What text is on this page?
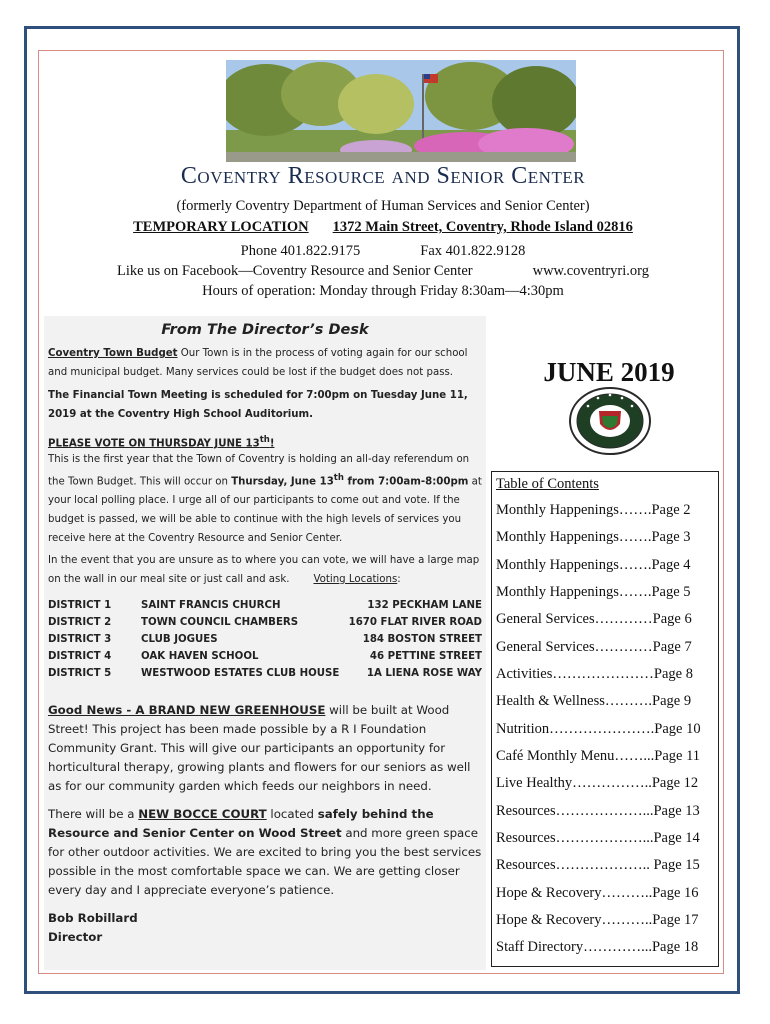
Coventry Resource and Senior Center
(formerly Coventry Department of Human Services and Senior Center)
TEMPORARY LOCATION 1372 Main Street, Coventry, Rhode Island 02816
Phone 401.822.9175	Fax 401.822.9128
Like us on Facebook—Coventry Resource and Senior Center	www.coventryri.org
Hours of operation: Monday through Friday 8:30am—4:30pm
From The Director’s Desk
Coventry Town Budget Our Town is in the process of voting again for our school and municipal budget. Many services could be lost if the budget does not pass.
The Financial Town Meeting is scheduled for 7:00pm on Tuesday June 11, 2019 at the Coventry High School Auditorium.
PLEASE VOTE ON THURSDAY JUNE 13th!
This is the first year that the Town of Coventry is holding an all-day referendum on the Town Budget. This will occur on Thursday, June 13th from 7:00am-8:00pm at your local polling place. I urge all of our participants to come out and vote. If the budget is passed, we will be able to continue with the high levels of services you receive here at the Coventry Resource and Senior Center.
In the event that you are unsure as to where you can vote, we will have a large map on the wall in our meal site or just call and ask. Voting Locations:
DISTRICT 1	SAINT FRANCIS CHURCH	132 PECKHAM LANE
DISTRICT 2	TOWN COUNCIL CHAMBERS	1670 FLAT RIVER ROAD
DISTRICT 3	CLUB JOGUES	184 BOSTON STREET
DISTRICT 4	OAK HAVEN SCHOOL	46 PETTINE STREET
DISTRICT 5	WESTWOOD ESTATES CLUB HOUSE	1A LIENA ROSE WAY
Good News - A BRAND NEW GREENHOUSE will be built at Wood Street! This project has been made possible by a R I Foundation Community Grant. This will give our participants an opportunity for horticultural therapy, growing plants and flowers for our seniors as well as for our community garden which feeds our neighbors in need.
There will be a NEW BOCCE COURT located safely behind the Resource and Senior Center on Wood Street and more green space for other outdoor activities. We are excited to bring you the best services possible in the most comfortable space we can. We are getting closer every day and I appreciate everyone’s patience.
Bob Robillard
Director
JUNE 2019
Table of Contents
Monthly Happenings…….Page 2
Monthly Happenings…….Page 3
Monthly Happenings…….Page 4
Monthly Happenings…….Page 5
General Services…………Page 6
General Services…………Page 7
Activities…………………Page 8
Health & Wellness……….Page 9
Nutrition………………….Page 10
Café Monthly Menu……...Page 11
Live Healthy……………..Page 12
Resources………………...Page 13
Resources………………...Page 14
Resources……………….. Page 15
Hope & Recovery………..Page 16
Hope & Recovery………..Page 17
Staff Directory…………...Page 18
